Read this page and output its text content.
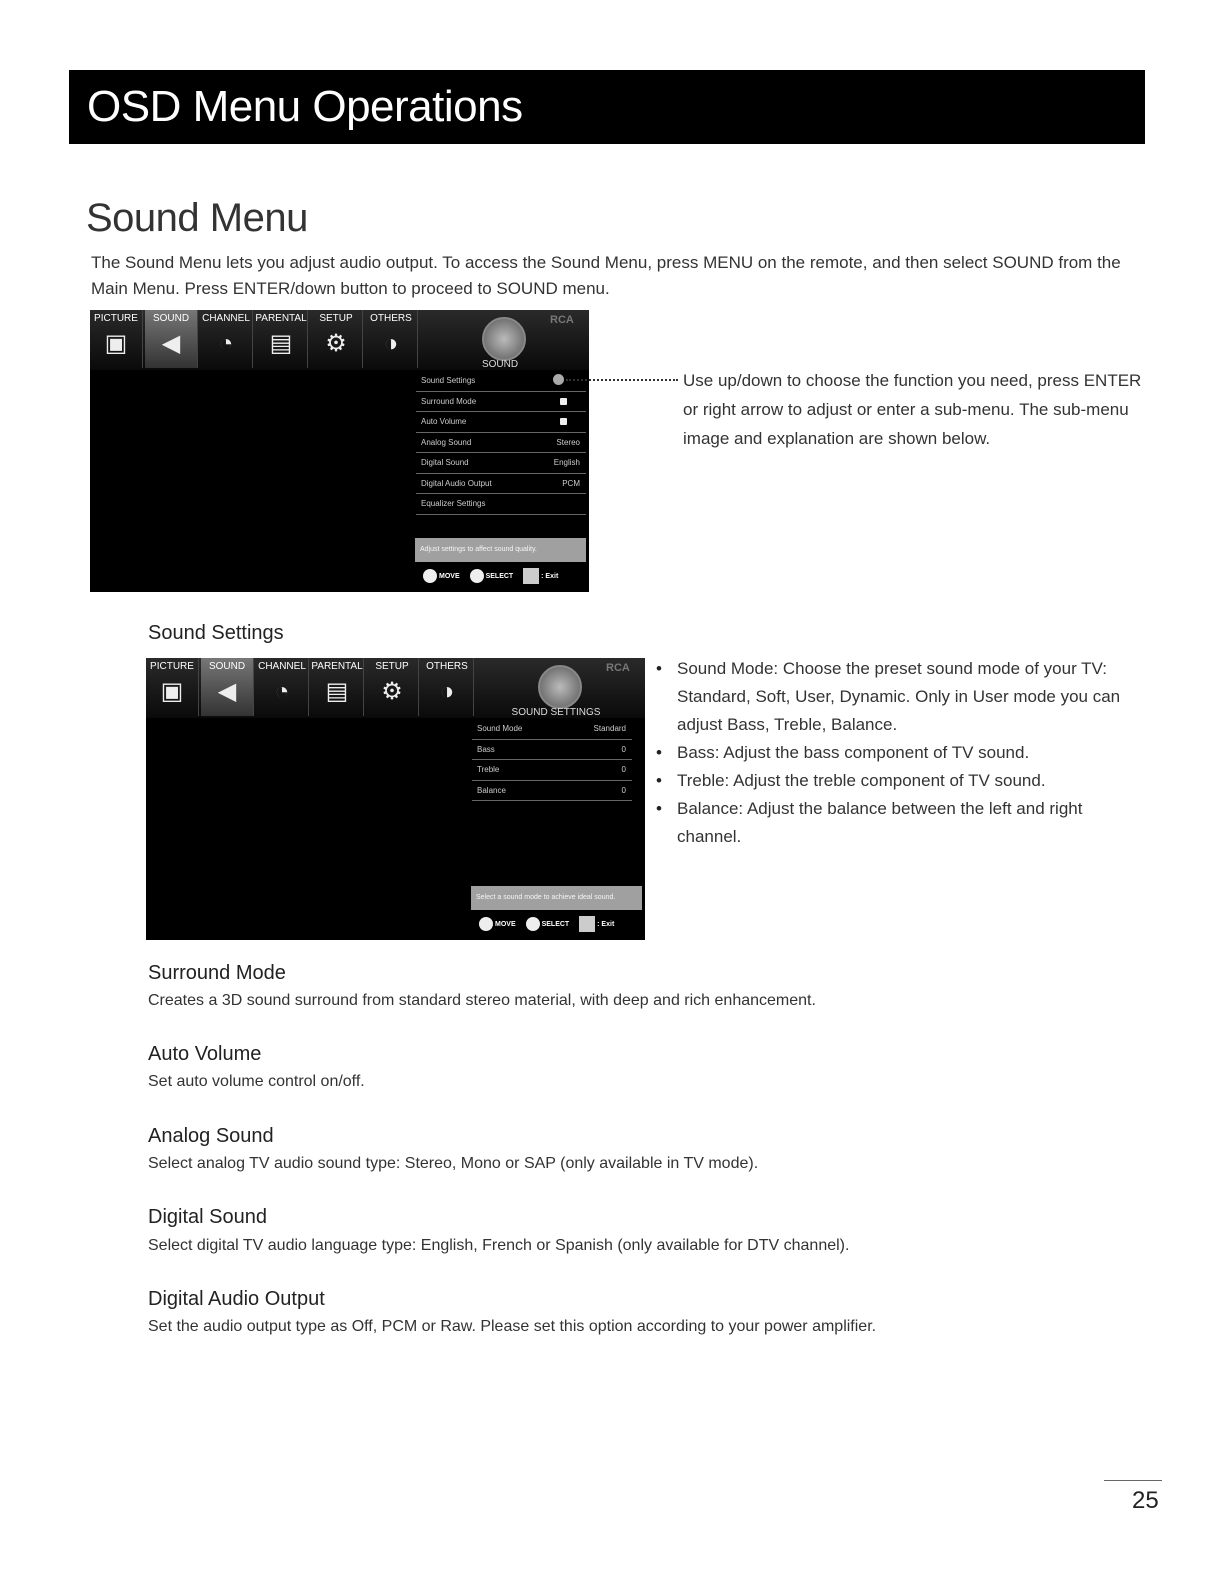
OSD Menu Operations
Sound Menu
The Sound Menu lets you adjust audio output. To access the Sound Menu, press MENU on the remote, and then select SOUND from the Main Menu. Press ENTER/down button to proceed to SOUND menu.
PICTURE
▣
SOUND
◀
CHANNEL
◔
PARENTAL
▤
SETUP
⚙
OTHERS
◑
RCA
SOUND
Sound Settings
Surround Mode
Auto Volume
Analog Sound	Stereo
Digital Sound	English
Digital Audio Output	PCM
Equalizer Settings
Adjust settings to affect sound quality.
MOVE	SELECT	: Exit
Use up/down to choose the function you need, press ENTER or right arrow to adjust or enter a sub-menu. The sub-menu image and explanation are shown below.
Sound Settings
PICTURE
▣
SOUND
◀
CHANNEL
◔
PARENTAL
▤
SETUP
⚙
OTHERS
◑
RCA
SOUND SETTINGS
Sound Mode	Standard
Bass	0
Treble	0
Balance	0
Select a sound mode to achieve ideal sound.
MOVE	SELECT	: Exit
• Sound Mode: Choose the preset sound mode of your TV: Standard, Soft, User, Dynamic. Only in User mode you can adjust Bass, Treble, Balance.
• Bass: Adjust the bass component of TV sound.
• Treble: Adjust the treble component of TV sound.
• Balance: Adjust the balance between the left and right channel.
Surround Mode
Creates a 3D sound surround from standard stereo material, with deep and rich enhancement.
Auto Volume
Set auto volume control on/off.
Analog Sound
Select analog TV audio sound type: Stereo, Mono or SAP (only available in TV mode).
Digital Sound
Select digital TV audio language type: English, French or Spanish (only available for DTV channel).
Digital Audio Output
Set the audio output type as Off, PCM or Raw. Please set this option according to your power amplifier.
25
